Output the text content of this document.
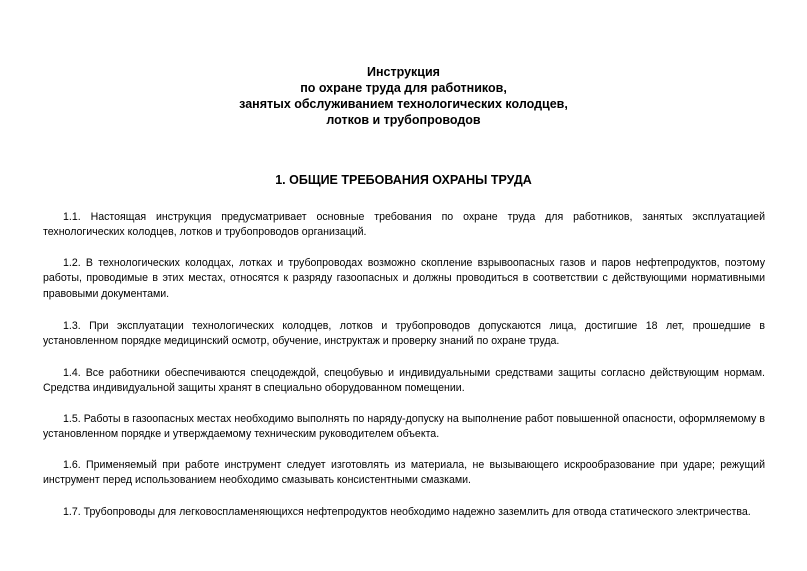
Инструкция
по охране труда для работников,
занятых обслуживанием технологических колодцев,
лотков и трубопроводов
1. ОБЩИЕ ТРЕБОВАНИЯ ОХРАНЫ ТРУДА

1.1. Настоящая инструкция предусматривает основные требования по охране труда для работников, занятых эксплуатацией технологических колодцев, лотков и трубопроводов организаций.

1.2. В технологических колодцах, лотках и трубопроводах возможно скопление взрывоопасных газов и паров нефтепродуктов, поэтому работы, проводимые в этих местах, относятся к разряду газоопасных и должны проводиться в соответствии с действующими нормативными правовыми документами.

1.3. При эксплуатации технологических колодцев, лотков и трубопроводов допускаются лица, достигшие 18 лет, прошедшие в установленном порядке медицинский осмотр, обучение, инструктаж и проверку знаний по охране труда.

1.4. Все работники обеспечиваются спецодеждой, спецобувью и индивидуальными средствами защиты согласно действующим нормам. Средства индивидуальной защиты хранят в специально оборудованном помещении.

1.5. Работы в газоопасных местах необходимо выполнять по наряду-допуску на выполнение работ повышенной опасности, оформляемому в установленном порядке и утверждаемому техническим руководителем объекта.

1.6. Применяемый при работе инструмент следует изготовлять из материала, не вызывающего искрообразование при ударе; режущий инструмент перед использованием необходимо смазывать консистентными смазками.

1.7. Трубопроводы для легковоспламеняющихся нефтепродуктов необходимо надежно заземлить для отвода статического электричества.
